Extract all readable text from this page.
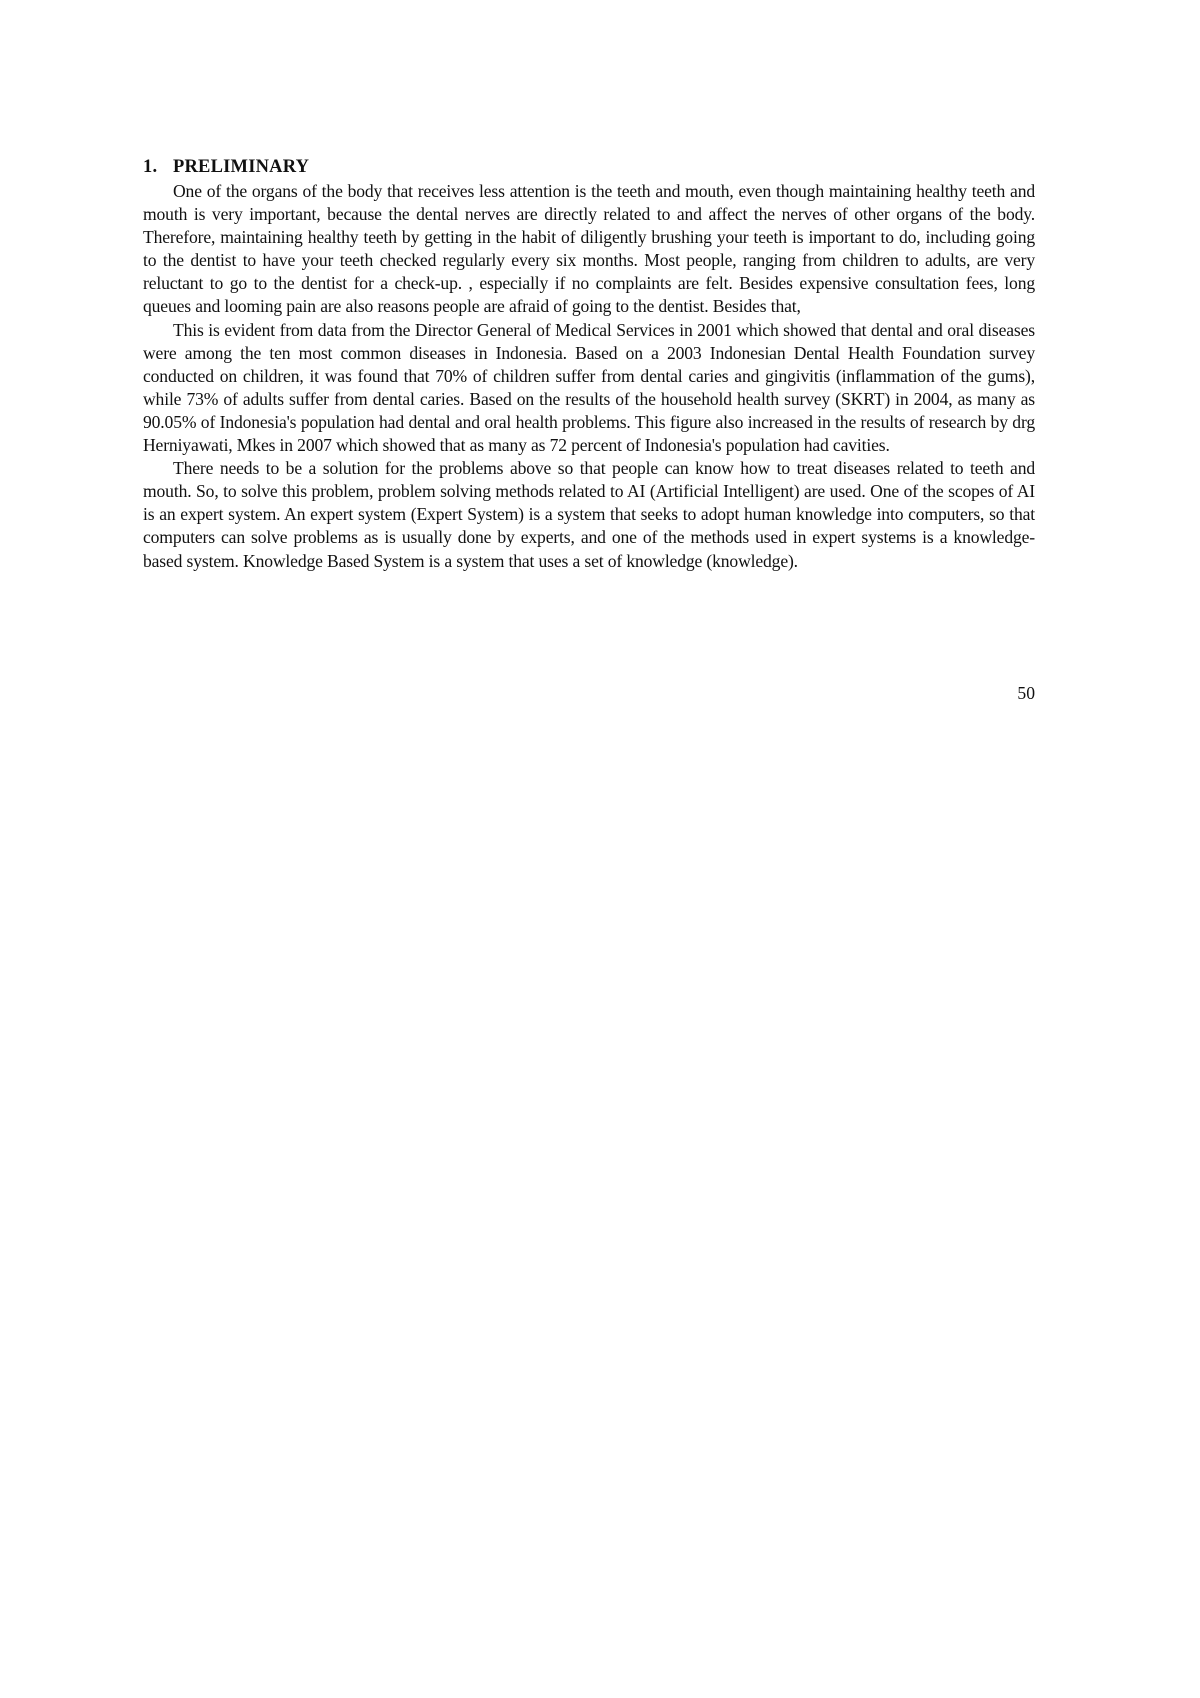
1. PRELIMINARY

One of the organs of the body that receives less attention is the teeth and mouth, even though maintaining healthy teeth and mouth is very important, because the dental nerves are directly related to and affect the nerves of other organs of the body. Therefore, maintaining healthy teeth by getting in the habit of diligently brushing your teeth is important to do, including going to the dentist to have your teeth checked regularly every six months. Most people, ranging from children to adults, are very reluctant to go to the dentist for a check-up. , especially if no complaints are felt. Besides expensive consultation fees, long queues and looming pain are also reasons people are afraid of going to the dentist. Besides that,

This is evident from data from the Director General of Medical Services in 2001 which showed that dental and oral diseases were among the ten most common diseases in Indonesia. Based on a 2003 Indonesian Dental Health Foundation survey conducted on children, it was found that 70% of children suffer from dental caries and gingivitis (inflammation of the gums), while 73% of adults suffer from dental caries. Based on the results of the household health survey (SKRT) in 2004, as many as 90.05% of Indonesia's population had dental and oral health problems. This figure also increased in the results of research by drg Herniyawati, Mkes in 2007 which showed that as many as 72 percent of Indonesia's population had cavities.

There needs to be a solution for the problems above so that people can know how to treat diseases related to teeth and mouth. So, to solve this problem, problem solving methods related to AI (Artificial Intelligent) are used. One of the scopes of AI is an expert system. An expert system (Expert System) is a system that seeks to adopt human knowledge into computers, so that computers can solve problems as is usually done by experts, and one of the methods used in expert systems is a knowledge-based system. Knowledge Based System is a system that uses a set of knowledge (knowledge).

50
